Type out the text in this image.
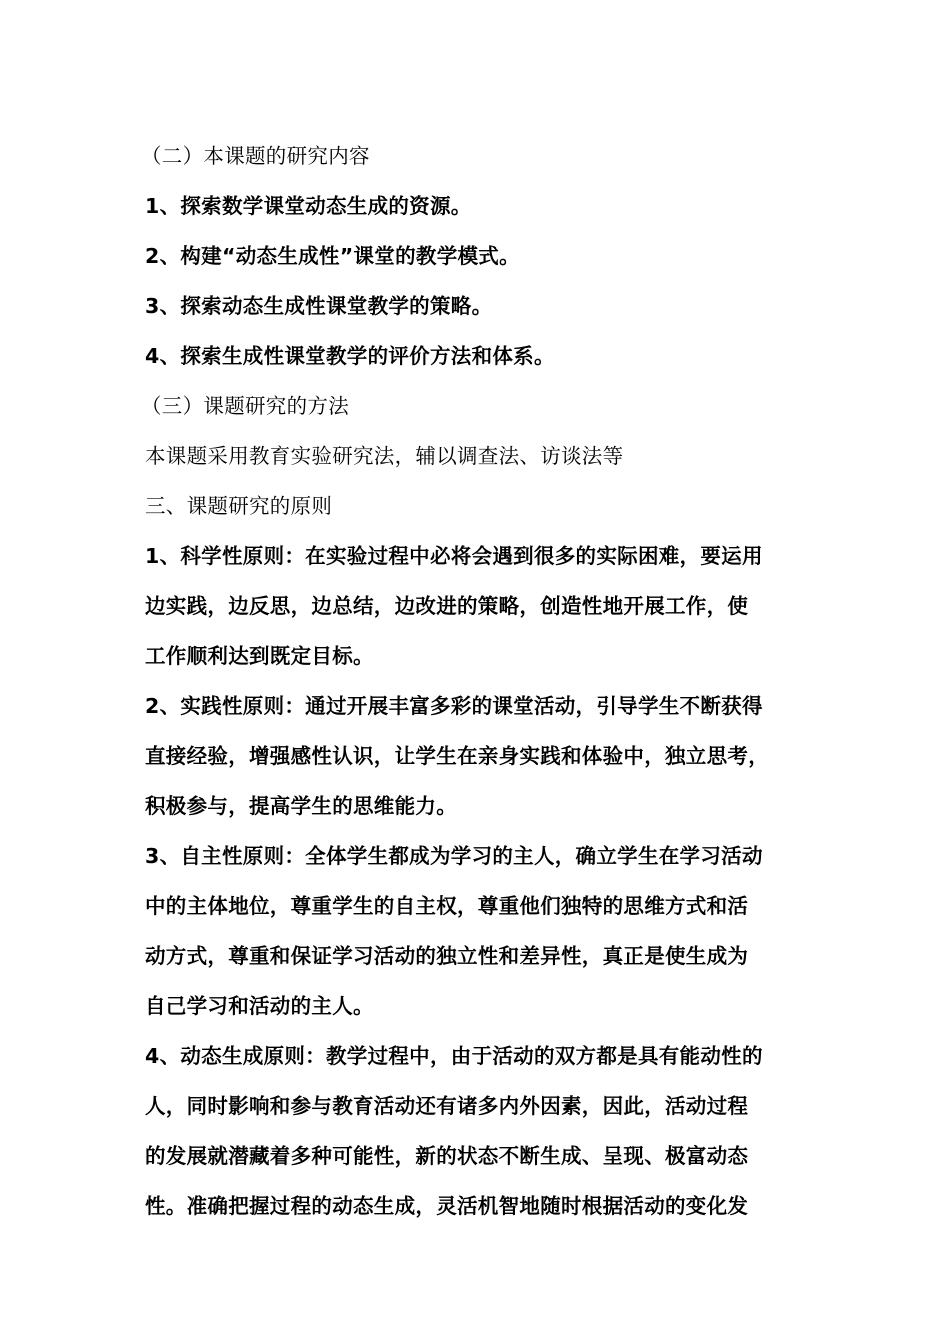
（二）本课题的研究内容
1、探索数学课堂动态生成的资源。
2、构建“动态生成性”课堂的教学模式。
3、探索动态生成性课堂教学的策略。
4、探索生成性课堂教学的评价方法和体系。
（三）课题研究的方法
本课题采用教育实验研究法，辅以调查法、访谈法等
三、课题研究的原则
1、科学性原则：在实验过程中必将会遇到很多的实际困难，要运用
边实践，边反思，边总结，边改进的策略，创造性地开展工作，使
工作顺利达到既定目标。
2、实践性原则：通过开展丰富多彩的课堂活动，引导学生不断获得
直接经验，增强感性认识，让学生在亲身实践和体验中，独立思考，
积极参与，提高学生的思维能力。
3、自主性原则：全体学生都成为学习的主人，确立学生在学习活动
中的主体地位，尊重学生的自主权，尊重他们独特的思维方式和活
动方式，尊重和保证学习活动的独立性和差异性，真正是使生成为
自己学习和活动的主人。
4、动态生成原则：教学过程中，由于活动的双方都是具有能动性的
人，同时影响和参与教育活动还有诸多内外因素，因此，活动过程
的发展就潜藏着多种可能性，新的状态不断生成、呈现、极富动态
性。准确把握过程的动态生成，灵活机智地随时根据活动的变化发
